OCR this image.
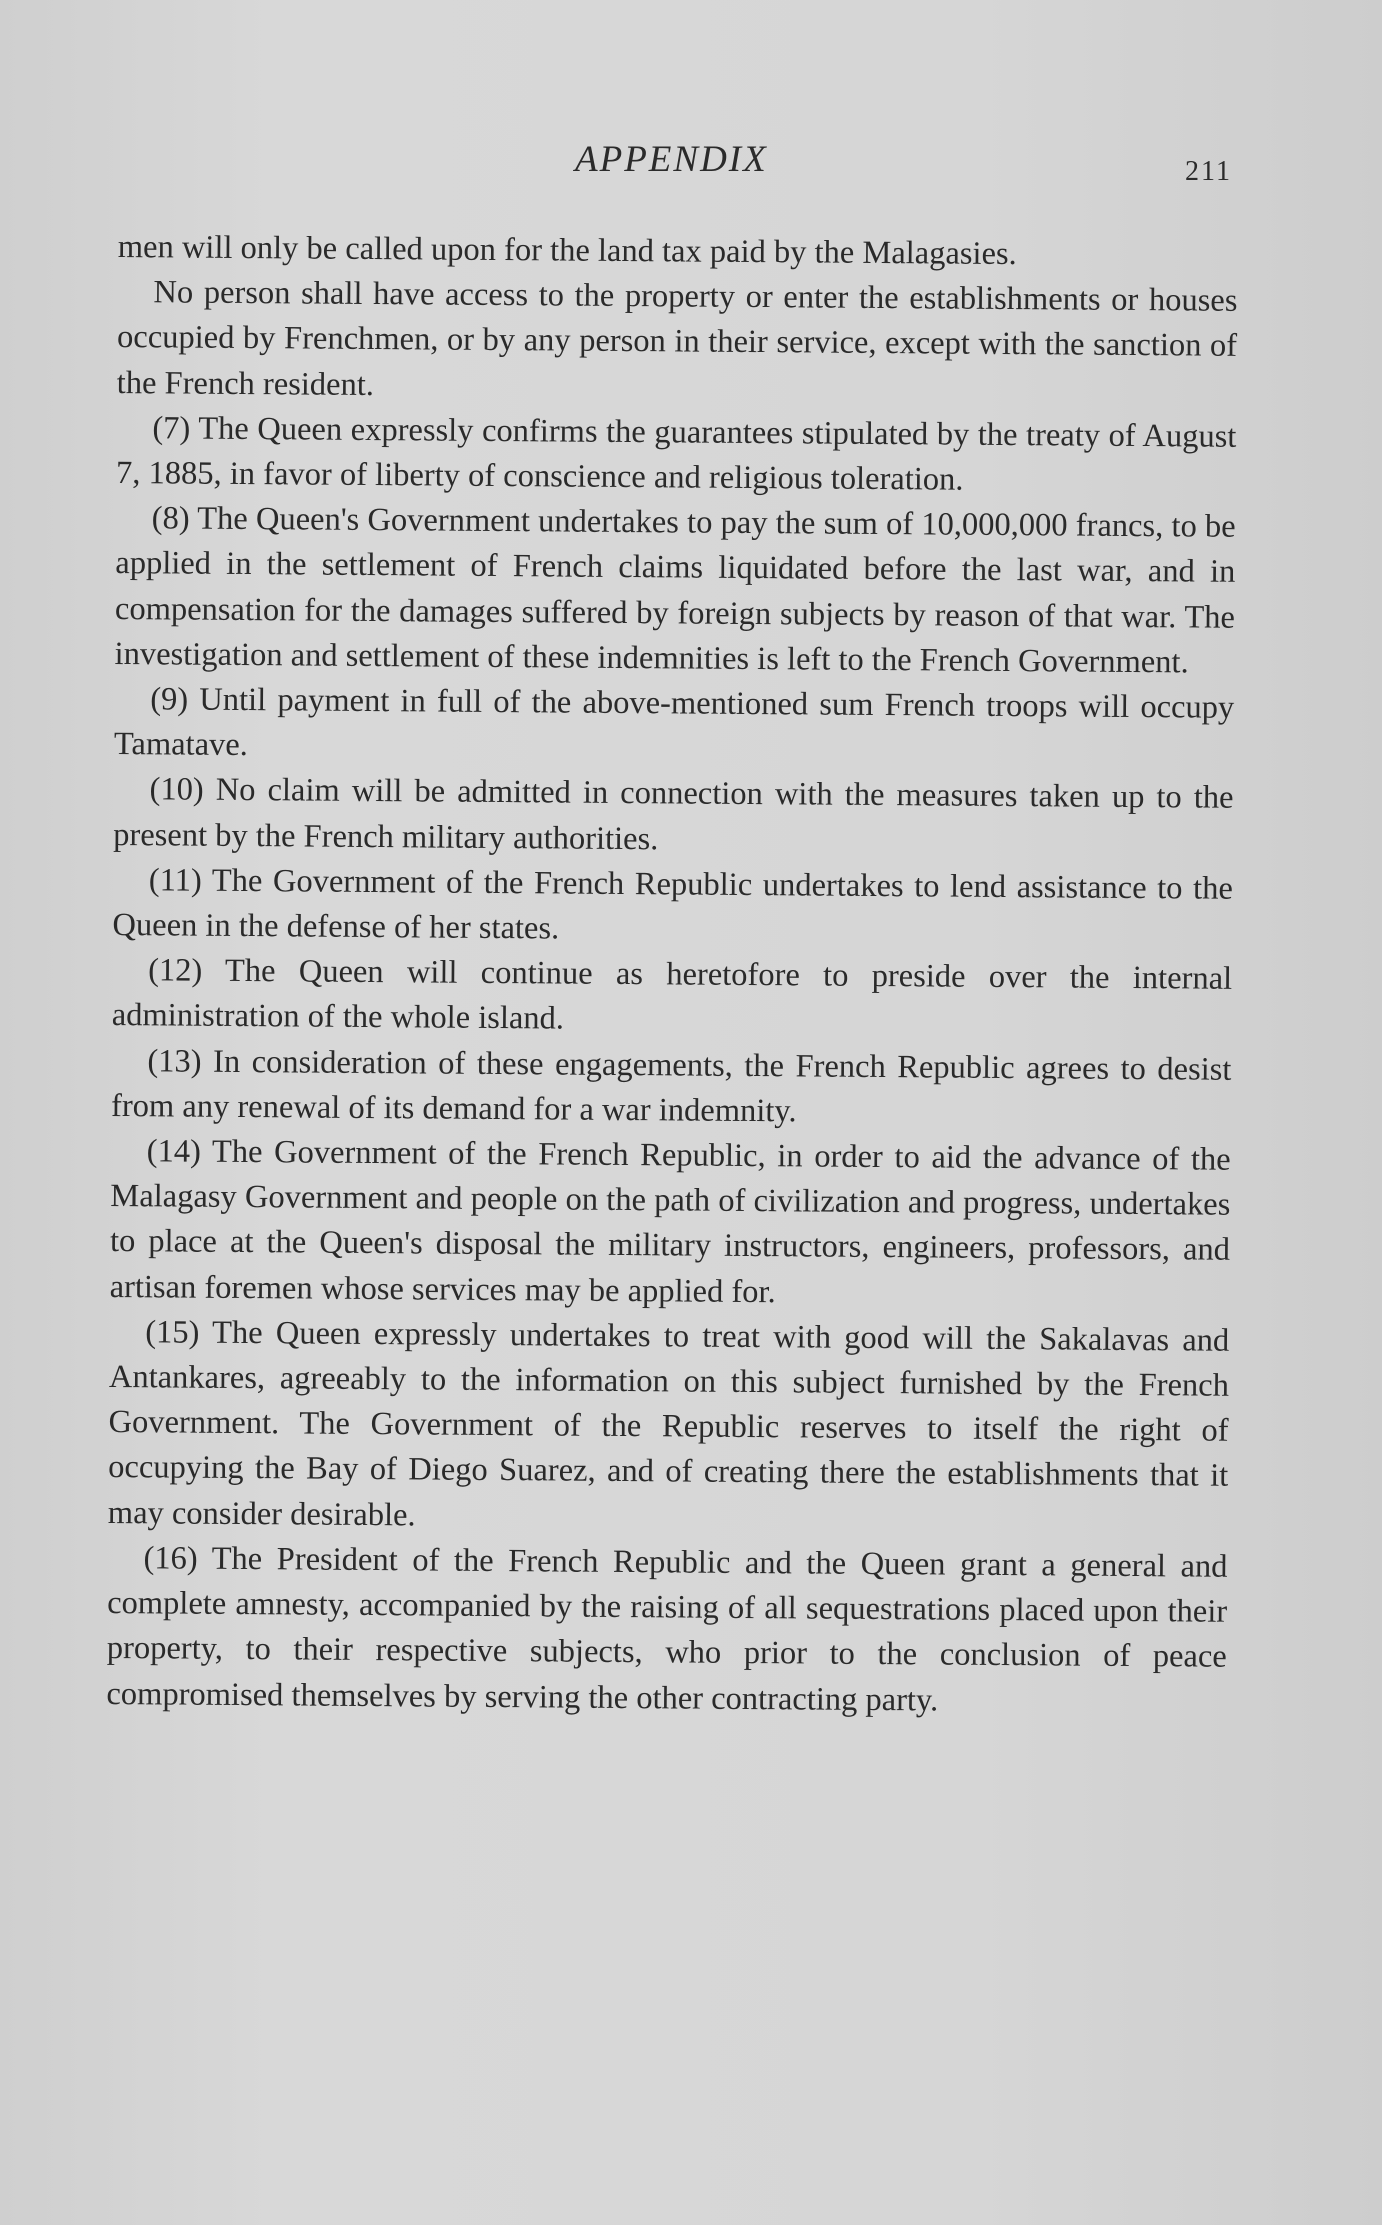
APPENDIX	211

men will only be called upon for the land tax paid by the Malagasies.

No person shall have access to the property or enter the establishments or houses occupied by Frenchmen, or by any person in their service, except with the sanction of the French resident.

(7) The Queen expressly confirms the guarantees stipulated by the treaty of August 7, 1885, in favor of liberty of conscience and religious toleration.

(8) The Queen's Government undertakes to pay the sum of 10,000,000 francs, to be applied in the settlement of French claims liquidated before the last war, and in compensation for the damages suffered by foreign subjects by reason of that war. The investigation and settlement of these indemnities is left to the French Government.

(9) Until payment in full of the above-mentioned sum French troops will occupy Tamatave.

(10) No claim will be admitted in connection with the measures taken up to the present by the French military authorities.

(11) The Government of the French Republic undertakes to lend assistance to the Queen in the defense of her states.

(12) The Queen will continue as heretofore to preside over the internal administration of the whole island.

(13) In consideration of these engagements, the French Republic agrees to desist from any renewal of its demand for a war indemnity.

(14) The Government of the French Republic, in order to aid the advance of the Malagasy Government and people on the path of civilization and progress, undertakes to place at the Queen's disposal the military instructors, engineers, professors, and artisan foremen whose services may be applied for.

(15) The Queen expressly undertakes to treat with good will the Sakalavas and Antankares, agreeably to the information on this subject furnished by the French Government. The Government of the Republic reserves to itself the right of occupying the Bay of Diego Suarez, and of creating there the establishments that it may consider desirable.

(16) The President of the French Republic and the Queen grant a general and complete amnesty, accompanied by the raising of all sequestrations placed upon their property, to their respective subjects, who prior to the conclusion of peace compromised themselves by serving the other contracting party.
